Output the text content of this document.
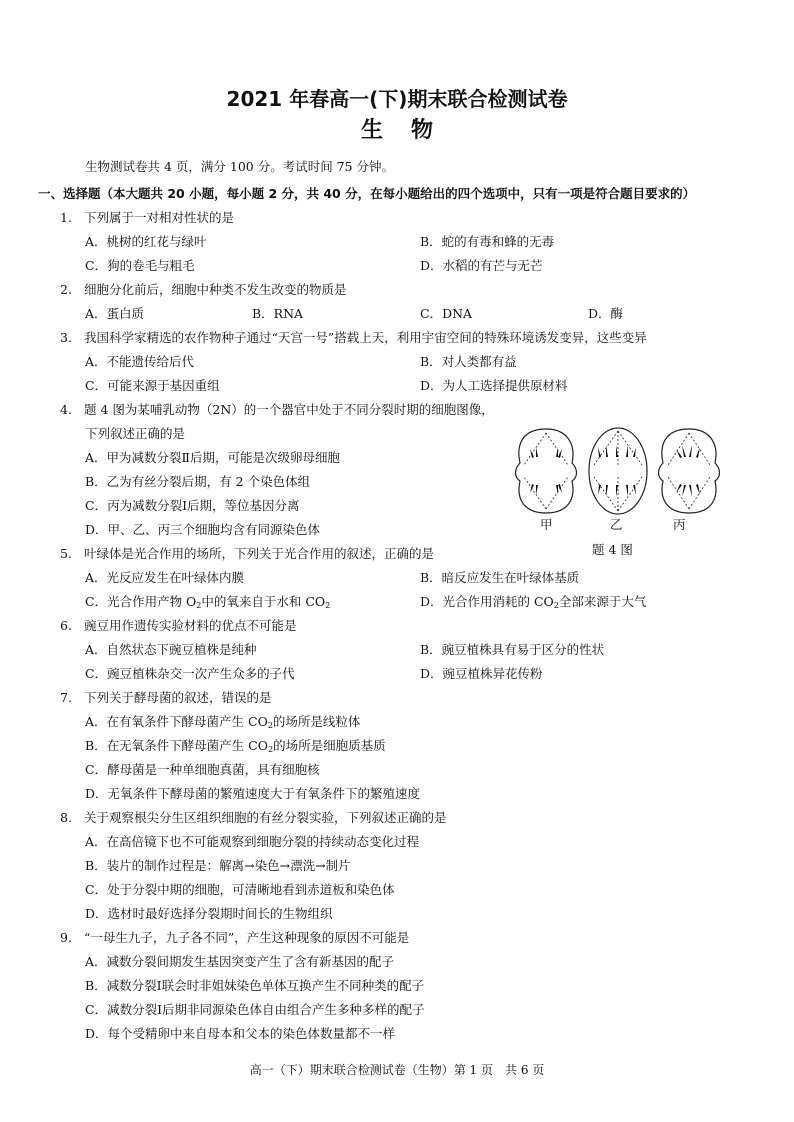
2021 年春高一(下)期末联合检测试卷
生物
生物测试卷共 4 页，满分 100 分。考试时间 75 分钟。
一、选择题（本大题共 20 小题，每小题 2 分，共 40 分，在每小题给出的四个选项中，只有一项是符合题目要求的）
1. 下列属于一对相对性状的是
A．桃树的红花与绿叶	B．蛇的有毒和蜂的无毒
C．狗的卷毛与粗毛	D．水稻的有芒与无芒
2. 细胞分化前后，细胞中种类不发生改变的物质是
A．蛋白质	B．RNA	C．DNA	D．酶
3. 我国科学家精选的农作物种子通过“天宫一号”搭载上天，利用宇宙空间的特殊环境诱发变异，这些变异
A．不能遗传给后代	B．对人类都有益
C．可能来源于基因重组	D．为人工选择提供原材料
4. 题 4 图为某哺乳动物（2N）的一个器官中处于不同分裂时期的细胞图像，
下列叙述正确的是
A．甲为减数分裂Ⅱ后期，可能是次级卵母细胞
B．乙为有丝分裂后期，有 2 个染色体组
C．丙为减数分裂Ⅰ后期，等位基因分离
D．甲、乙、丙三个细胞均含有同源染色体	甲	乙	丙
题 4 图
5. 叶绿体是光合作用的场所，下列关于光合作用的叙述，正确的是
A．光反应发生在叶绿体内膜	B．暗反应发生在叶绿体基质
C．光合作用产物 $O_2$中的氧来自于水和 $CO_2$	D．光合作用消耗的 $CO_2$全部来源于大气
6. 豌豆用作遗传实验材料的优点不可能是
A．自然状态下豌豆植株是纯种	B．豌豆植株具有易于区分的性状
C．豌豆植株杂交一次产生众多的子代	D．豌豆植株异花传粉
7. 下列关于酵母菌的叙述，错误的是
A．在有氧条件下酵母菌产生 $CO_2$的场所是线粒体
B．在无氧条件下酵母菌产生 $CO_2$的场所是细胞质基质
C．酵母菌是一种单细胞真菌，具有细胞核
D．无氧条件下酵母菌的繁殖速度大于有氧条件下的繁殖速度
8. 关于观察根尖分生区组织细胞的有丝分裂实验，下列叙述正确的是
A．在高倍镜下也不可能观察到细胞分裂的持续动态变化过程
B．装片的制作过程是：解离→染色→漂洗→制片
C．处于分裂中期的细胞，可清晰地看到赤道板和染色体
D．选材时最好选择分裂期时间长的生物组织
9. “一母生九子，九子各不同”，产生这种现象的原因不可能是
A．减数分裂间期发生基因突变产生了含有新基因的配子
B．减数分裂Ⅰ联会时非姐妹染色单体互换产生不同种类的配子
C．减数分裂Ⅰ后期非同源染色体自由组合产生多种多样的配子
D．每个受精卵中来自母本和父本的染色体数量都不一样
高一（下）期末联合检测试卷（生物）第 1 页　共 6 页
